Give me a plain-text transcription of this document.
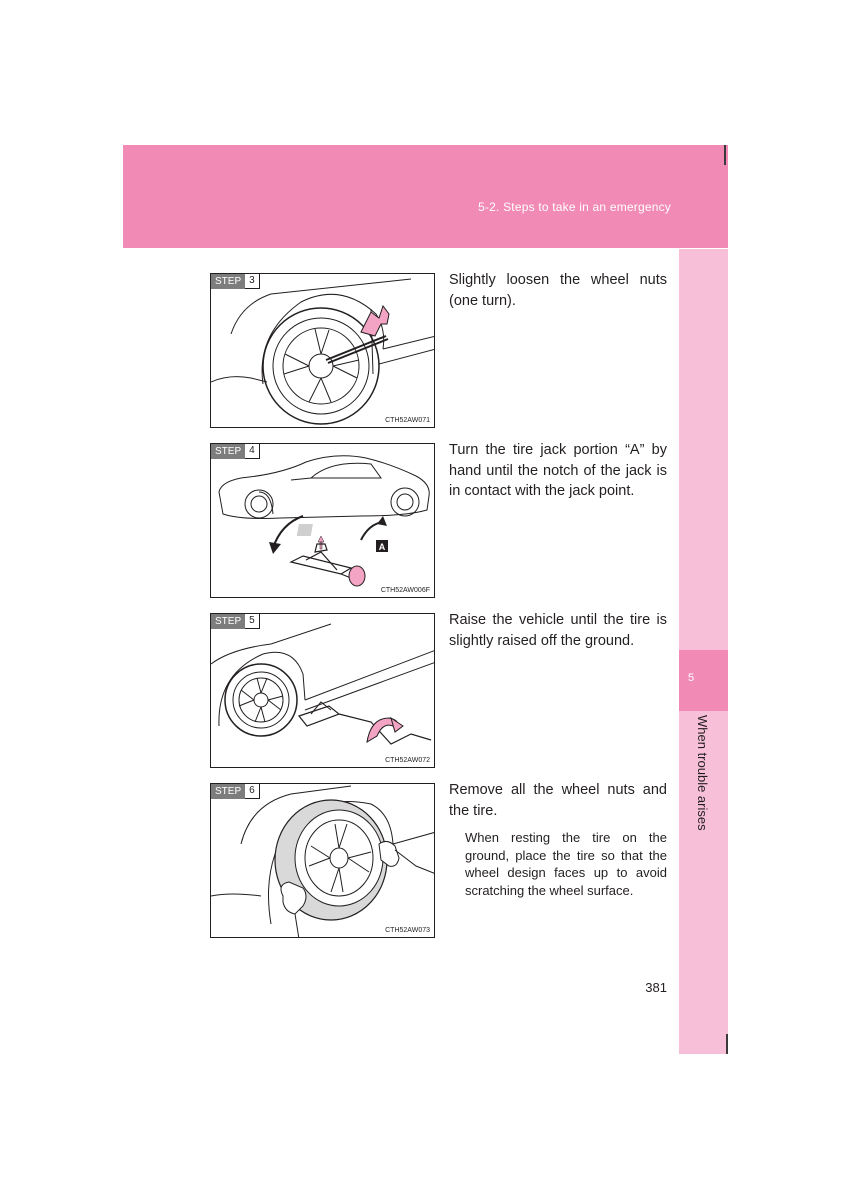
5-2. Steps to take in an emergency
5
When trouble arises
STEP 3
CTH52AW071
Slightly loosen the wheel nuts (one turn).
STEP 4
A
CTH52AW006F
Turn the tire jack portion “A” by hand until the notch of the jack is in contact with the jack point.
STEP 5
CTH52AW072
Raise the vehicle until the tire is slightly raised off the ground.
STEP 6
CTH52AW073
Remove all the wheel nuts and the tire.
When resting the tire on the ground, place the tire so that the wheel design faces up to avoid scratching the wheel surface.
381
